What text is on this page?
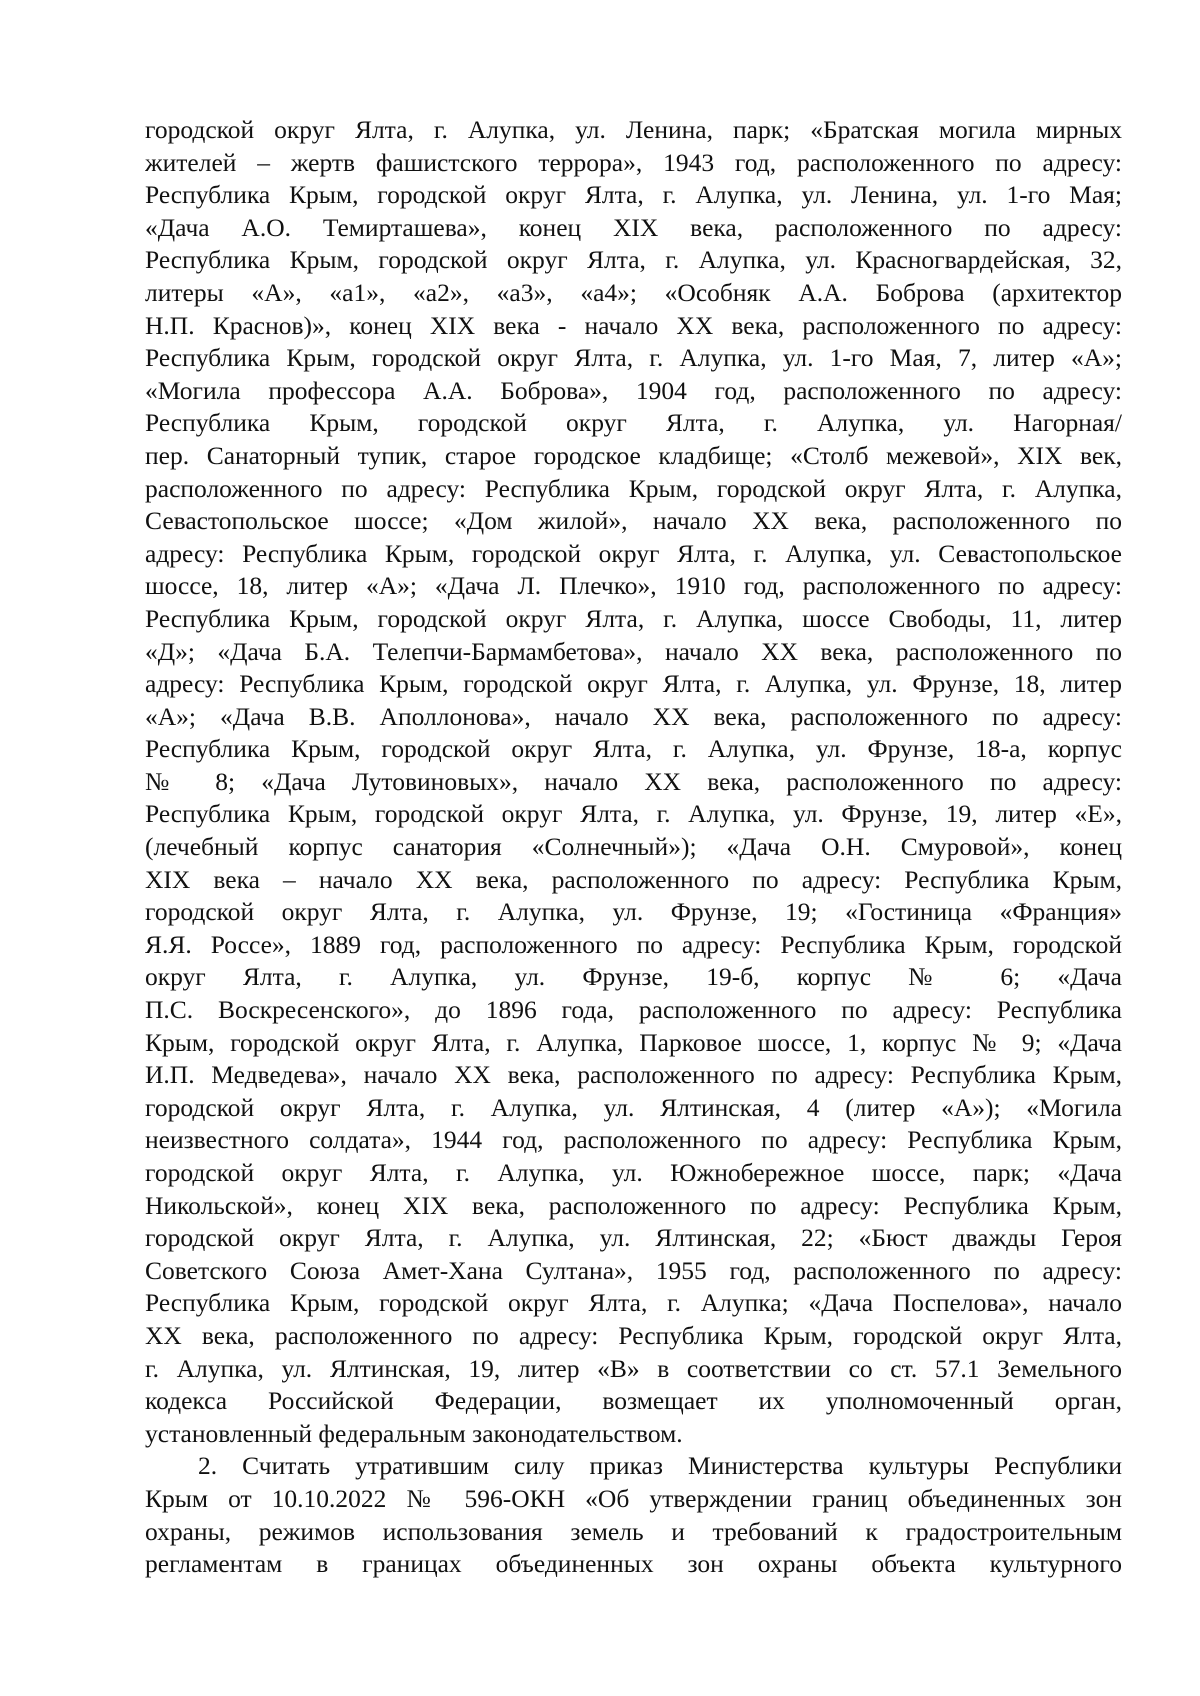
городской округ Ялта, г. Алупка, ул. Ленина, парк; «Братская могила мирных
жителей – жертв фашистского террора», 1943 год, расположенного по адресу:
Республика Крым, городской округ Ялта, г. Алупка, ул. Ленина, ул. 1-го Мая;
«Дача А.О. Темирташева», конец XIX века, расположенного по адресу:
Республика Крым, городской округ Ялта, г. Алупка, ул. Красногвардейская, 32,
литеры «А», «а1», «а2», «а3», «а4»; «Особняк А.А. Боброва (архитектор
Н.П. Краснов)», конец XIX века - начало XX века, расположенного по адресу:
Республика Крым, городской округ Ялта, г. Алупка, ул. 1-го Мая, 7, литер «А»;
«Могила профессора А.А. Боброва», 1904 год, расположенного по адресу:
Республика Крым, городской округ Ялта, г. Алупка, ул. Нагорная/
пер. Санаторный тупик, старое городское кладбище; «Столб межевой», XIX век,
расположенного по адресу: Республика Крым, городской округ Ялта, г. Алупка,
Севастопольское шоссе; «Дом жилой», начало XX века, расположенного по
адресу: Республика Крым, городской округ Ялта, г. Алупка, ул. Севастопольское
шоссе, 18, литер «А»; «Дача Л. Плечко», 1910 год, расположенного по адресу:
Республика Крым, городской округ Ялта, г. Алупка, шоссе Свободы, 11, литер
«Д»; «Дача Б.А. Телепчи-Бармамбетова», начало XX века, расположенного по
адресу: Республика Крым, городской округ Ялта, г. Алупка, ул. Фрунзе, 18, литер
«А»; «Дача В.В. Аполлонова», начало XX века, расположенного по адресу:
Республика Крым, городской округ Ялта, г. Алупка, ул. Фрунзе, 18-а, корпус
№ 8; «Дача Лутовиновых», начало XX века, расположенного по адресу:
Республика Крым, городской округ Ялта, г. Алупка, ул. Фрунзе, 19, литер «Е»,
(лечебный корпус санатория «Солнечный»); «Дача О.Н. Смуровой», конец
XIX века – начало XX века, расположенного по адресу: Республика Крым,
городской округ Ялта, г. Алупка, ул. Фрунзе, 19; «Гостиница «Франция»
Я.Я. Россе», 1889 год, расположенного по адресу: Республика Крым, городской
округ Ялта, г. Алупка, ул. Фрунзе, 19-б, корпус № 6; «Дача
П.С. Воскресенского», до 1896 года, расположенного по адресу: Республика
Крым, городской округ Ялта, г. Алупка, Парковое шоссе, 1, корпус № 9; «Дача
И.П. Медведева», начало XX века, расположенного по адресу: Республика Крым,
городской округ Ялта, г. Алупка, ул. Ялтинская, 4 (литер «А»); «Могила
неизвестного солдата», 1944 год, расположенного по адресу: Республика Крым,
городской округ Ялта, г. Алупка, ул. Южнобережное шоссе, парк; «Дача
Никольской», конец XIX века, расположенного по адресу: Республика Крым,
городской округ Ялта, г. Алупка, ул. Ялтинская, 22; «Бюст дважды Героя
Советского Союза Амет-Хана Султана», 1955 год, расположенного по адресу:
Республика Крым, городской округ Ялта, г. Алупка; «Дача Поспелова», начало
XX века, расположенного по адресу: Республика Крым, городской округ Ялта,
г. Алупка, ул. Ялтинская, 19, литер «В» в соответствии со ст. 57.1 Земельного
кодекса Российской Федерации, возмещает их уполномоченный орган,
установленный федеральным законодательством.
2. Считать утратившим силу приказ Министерства культуры Республики
Крым от 10.10.2022 № 596-ОКН «Об утверждении границ объединенных зон
охраны, режимов использования земель и требований к градостроительным
регламентам в границах объединенных зон охраны объекта культурного
